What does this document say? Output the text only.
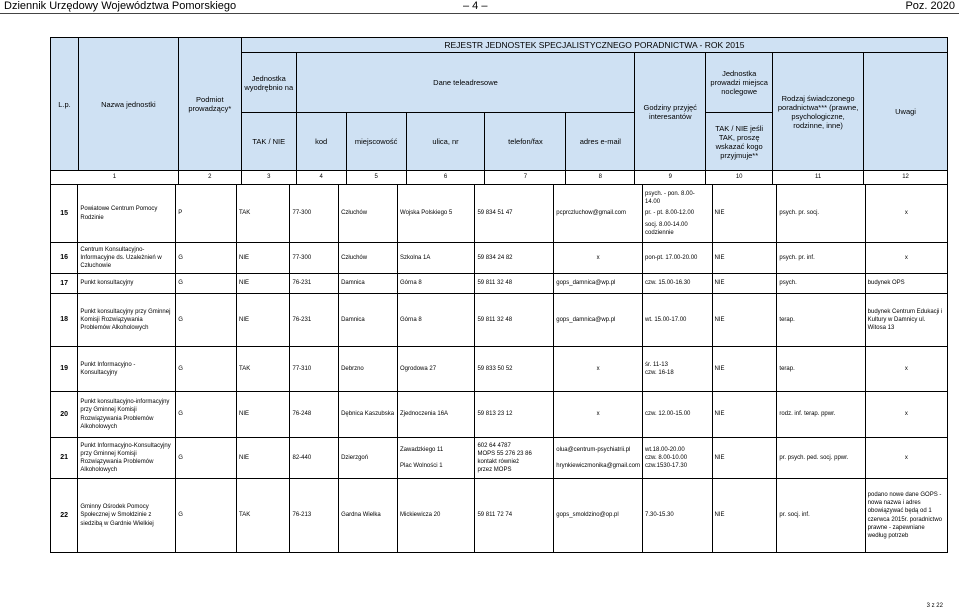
Dziennik Urzędowy Województwa Pomorskiego	– 4 –	Poz. 2020
L.p.	Nazwa jednostki	Podmiot prowadzący*	REJESTR JEDNOSTEK SPECJALISTYCZNEGO PORADNICTWA - ROK 2015									
			Jednostka wyodrębnio na	Dane teleadresowe					Godziny przyjęć interesantów	Jednostka prowadzi miejsca noclegowe	Rodzaj świadczonego poradnictwa*** (prawne, psychologiczne, rodzinne, inne)	Uwagi
			TAK / NIE	kod	miejscowość	ulica, nr	telefon/fax	adres e-mail		TAK / NIE jeśli TAK, proszę wskazać kogo przyjmuje**		
1		2	3	4	5	6	7	8	9	10	11	12
15	Powiatowe Centrum Pomocy Rodzinie	P	TAK	77-300	Człuchów	Wojska Polskiego 5	59 834 51 47	pcprczluchow@gmail.com	psych. - pon. 8.00-14.00
pr. - pt. 8.00-12.00
socj. 8.00-14.00 codziennie	NIE	psych. pr. socj.	x
16	Centrum Konsultacyjno-Informacyjne ds. Uzależnień w Człuchowie	G	NIE	77-300	Człuchów	Szkolna 1A	59 834 24 82	x	pon-pt. 17.00-20.00	NIE	psych. pr. inf.	x
17	Punkt konsultacyjny	G	NIE	76-231	Damnica	Górna 8	59 811 32 48	gops_damnica@wp.pl	czw. 15.00-16.30	NIE	psych.	budynek OPS
18	Punkt konsultacyjny przy Gminnej Komisji Rozwiązywania Problemów Alkoholowych	G	NIE	76-231	Damnica	Górna 8	59 811 32 48	gops_damnica@wp.pl	wt. 15.00-17.00	NIE	terap.	budynek Centrum Edukacji i Kultury w Damnicy ul. Witosa 13
19	Punkt Informacyjno - Konsultacyjny	G	TAK	77-310	Debrzno	Ogrodowa 27	59 833 50 52	x	śr. 11-13
czw. 16-18	NIE	terap.	x
20	Punkt konsultacyjno-informacyjny przy Gminnej Komisji Rozwiązywania Problemów Alkoholowych	G	NIE	76-248	Dębnica Kaszubska	Zjednoczenia 16A	59 813 23 12	x	czw. 12.00-15.00	NIE	rodz. inf. terap. ppwr.	x
21	Punkt Informacyjno-Konsultacyjny przy Gminnej Komisji Rozwiązywania Problemów Alkoholowych	G	NIE	82-440	Dzierzgoń	Zawadzkiego 11
Plac Wolności 1	602 64 4787
MOPS 55 276 23 86
kontakt również
przez MOPS	olua@centrum-psychiatrii.pl
hrynkiewiczmonika@gmail.com	wt.18.00-20.00
czw. 8.00-10.00
czw.1530-17.30	NIE	pr. psych. ped. socj. ppwr.	x
22	Gminny Ośrodek Pomocy Społecznej w Smołdzinie z siedzibą w Gardnie Wielkiej	G	TAK	76-213	Gardna Wielka	Mickiewicza 20	59 811 72 74	gops_smoldzino@op.pl	7.30-15.30	NIE	pr. socj. inf.	podano nowe dane GOPS - nowa nazwa i adres obowiązywać będą od 1 czerwca 2015r. poradnictwo prawne - zapewniane według potrzeb
3 z 22
